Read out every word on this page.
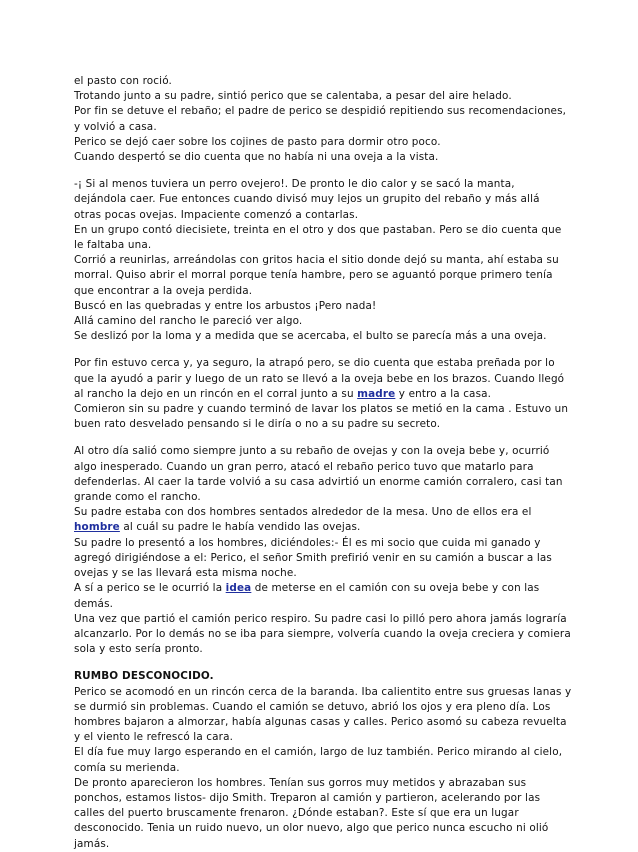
el pasto con roció.
Trotando junto a su padre, sintió perico que se calentaba, a pesar del aire helado.
Por fin se detuve el rebaño; el padre de perico se despidió repitiendo sus recomendaciones,
y volvió a casa.
Perico se dejó caer sobre los cojines de pasto para dormir otro poco.
Cuando despertó se dio cuenta que no había ni una oveja a la vista.
-¡ Si al menos tuviera un perro ovejero!. De pronto le dio calor y se sacó la manta,
dejándola caer. Fue entonces cuando divisó muy lejos un grupito del rebaño y más allá
otras pocas ovejas. Impaciente comenzó a contarlas.
En un grupo contó diecisiete, treinta en el otro y dos que pastaban. Pero se dio cuenta que
le faltaba una.
Corrió a reunirlas, arreándolas con gritos hacia el sitio donde dejó su manta, ahí estaba su
morral. Quiso abrir el morral porque tenía hambre, pero se aguantó porque primero tenía
que encontrar a la oveja perdida.
Buscó en las quebradas y entre los arbustos ¡Pero nada!
Allá camino del rancho le pareció ver algo.
Se deslizó por la loma y a medida que se acercaba, el bulto se parecía más a una oveja.
Por fin estuvo cerca y, ya seguro, la atrapó pero, se dio cuenta que estaba preñada por lo
que la ayudó a parir y luego de un rato se llevó a la oveja bebe en los brazos. Cuando llegó
al rancho la dejo en un rincón en el corral junto a su madre y entro a la casa.
Comieron sin su padre y cuando terminó de lavar los platos se metió en la cama . Estuvo un
buen rato desvelado pensando si le diría o no a su padre su secreto.
Al otro día salió como siempre junto a su rebaño de ovejas y con la oveja bebe y, ocurrió
algo inesperado. Cuando un gran perro, atacó el rebaño perico tuvo que matarlo para
defenderlas. Al caer la tarde volvió a su casa advirtió un enorme camión corralero, casi tan
grande como el rancho.
Su padre estaba con dos hombres sentados alrededor de la mesa. Uno de ellos era el
hombre al cuál su padre le había vendido las ovejas.
Su padre lo presentó a los hombres, diciéndoles:- Él es mi socio que cuida mi ganado y
agregó dirigiéndose a el: Perico, el señor Smith prefirió venir en su camión a buscar a las
ovejas y se las llevará esta misma noche.
A sí a perico se le ocurrió la idea de meterse en el camión con su oveja bebe y con las
demás.
Una vez que partió el camión perico respiro. Su padre casi lo pilló pero ahora jamás lograría
alcanzarlo. Por lo demás no se iba para siempre, volvería cuando la oveja creciera y comiera
sola y esto sería pronto.
RUMBO DESCONOCIDO.
Perico se acomodó en un rincón cerca de la baranda. Iba calientito entre sus gruesas lanas y
se durmió sin problemas. Cuando el camión se detuvo, abrió los ojos y era pleno día. Los
hombres bajaron a almorzar, había algunas casas y calles. Perico asomó su cabeza revuelta
y el viento le refrescó la cara.
El día fue muy largo esperando en el camión, largo de luz también. Perico mirando al cielo,
comía su merienda.
De pronto aparecieron los hombres. Tenían sus gorros muy metidos y abrazaban sus
ponchos, estamos listos- dijo Smith. Treparon al camión y partieron, acelerando por las
calles del puerto bruscamente frenaron. ¿Dónde estaban?. Este sí que era un lugar
desconocido. Tenia un ruido nuevo, un olor nuevo, algo que perico nunca escucho ni olió
jamás.
